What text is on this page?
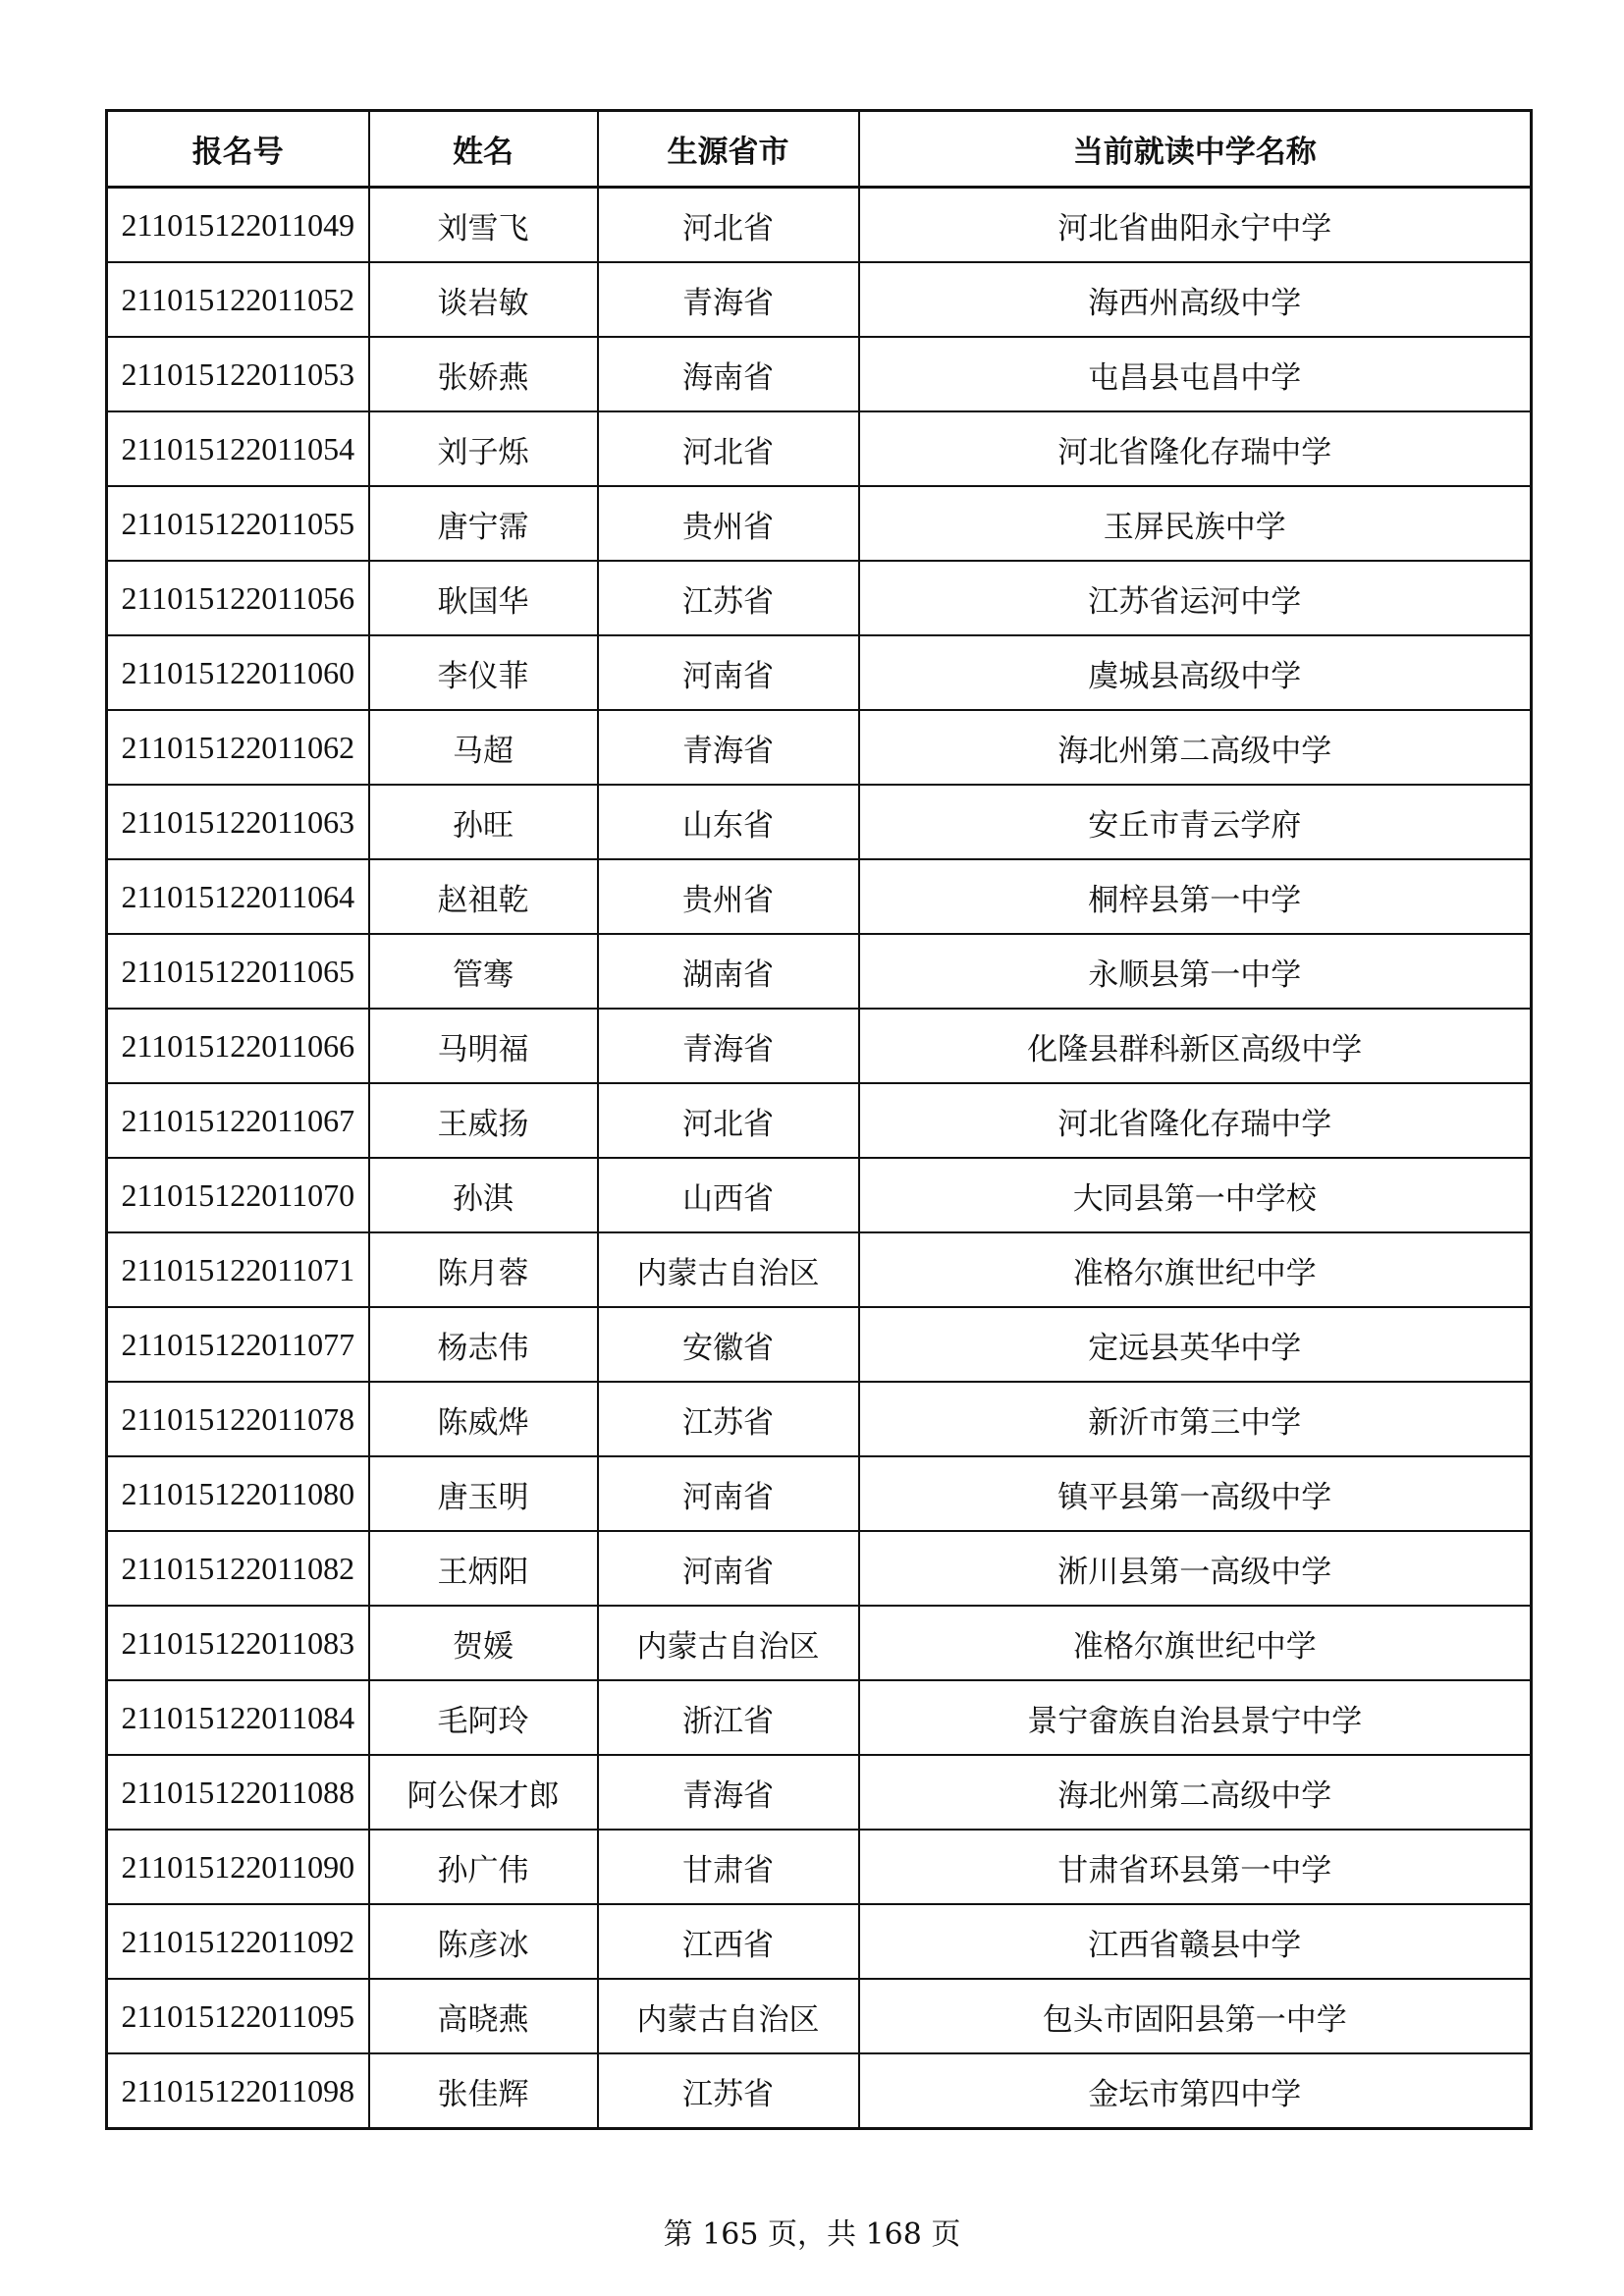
报名号	姓名	生源省市	当前就读中学名称
211015122011049	刘雪飞	河北省	河北省曲阳永宁中学
211015122011052	谈岩敏	青海省	海西州高级中学
211015122011053	张娇燕	海南省	屯昌县屯昌中学
211015122011054	刘子烁	河北省	河北省隆化存瑞中学
211015122011055	唐宁霈	贵州省	玉屏民族中学
211015122011056	耿国华	江苏省	江苏省运河中学
211015122011060	李仪菲	河南省	虞城县高级中学
211015122011062	马超	青海省	海北州第二高级中学
211015122011063	孙旺	山东省	安丘市青云学府
211015122011064	赵祖乾	贵州省	桐梓县第一中学
211015122011065	管骞	湖南省	永顺县第一中学
211015122011066	马明福	青海省	化隆县群科新区高级中学
211015122011067	王威扬	河北省	河北省隆化存瑞中学
211015122011070	孙淇	山西省	大同县第一中学校
211015122011071	陈月蓉	内蒙古自治区	准格尔旗世纪中学
211015122011077	杨志伟	安徽省	定远县英华中学
211015122011078	陈威烨	江苏省	新沂市第三中学
211015122011080	唐玉明	河南省	镇平县第一高级中学
211015122011082	王炳阳	河南省	淅川县第一高级中学
211015122011083	贺媛	内蒙古自治区	准格尔旗世纪中学
211015122011084	毛阿玲	浙江省	景宁畲族自治县景宁中学
211015122011088	阿公保才郎	青海省	海北州第二高级中学
211015122011090	孙广伟	甘肃省	甘肃省环县第一中学
211015122011092	陈彦冰	江西省	江西省赣县中学
211015122011095	高晓燕	内蒙古自治区	包头市固阳县第一中学
211015122011098	张佳辉	江苏省	金坛市第四中学
第 165 页，共 168 页
